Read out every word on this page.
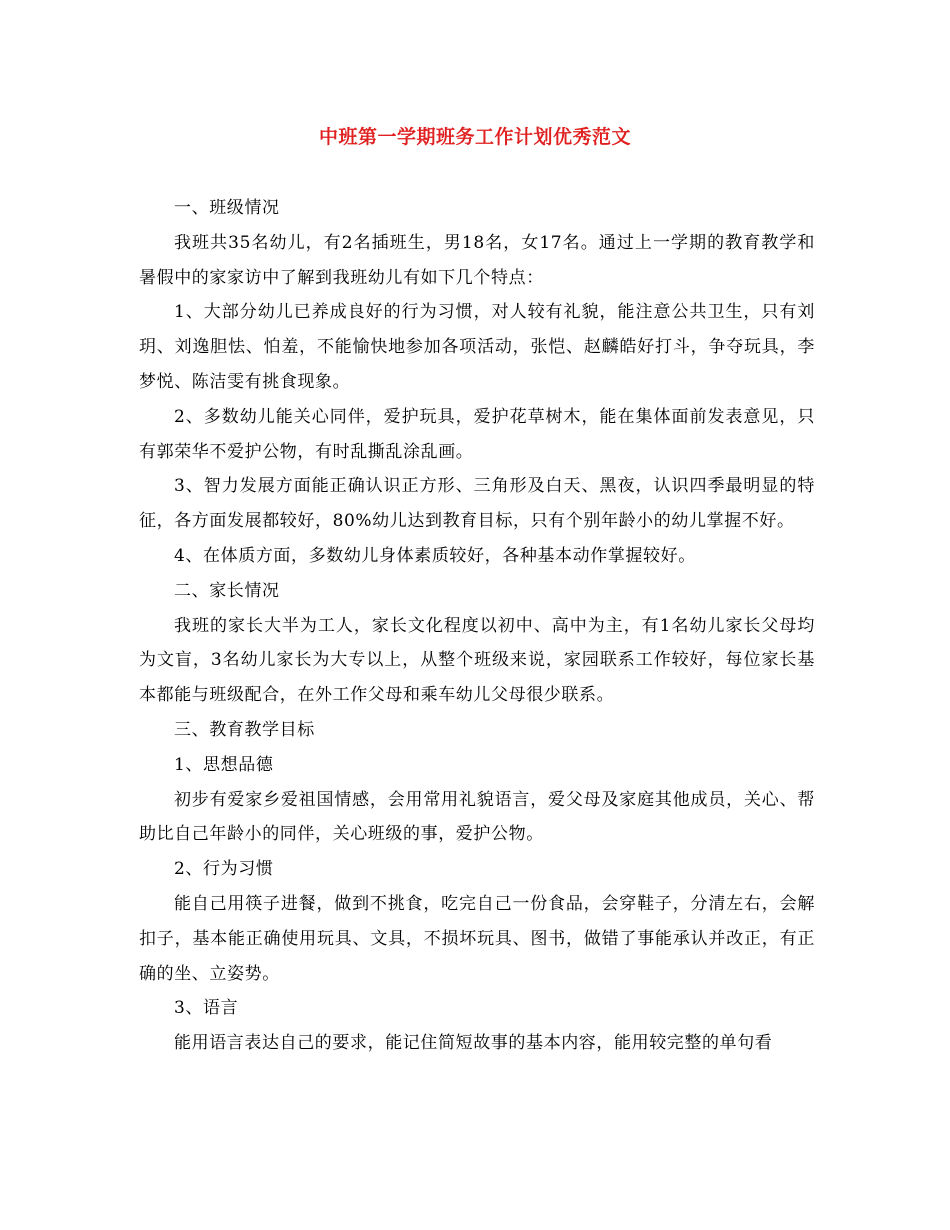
中班第一学期班务工作计划优秀范文

一、班级情况

我班共35名幼儿，有2名插班生，男18名，女17名。通过上一学期的教育教学和暑假中的家家访中了解到我班幼儿有如下几个特点：

1、大部分幼儿已养成良好的行为习惯，对人较有礼貌，能注意公共卫生，只有刘玥、刘逸胆怯、怕羞，不能愉快地参加各项活动，张恺、赵麟皓好打斗，争夺玩具，李梦悦、陈洁雯有挑食现象。

2、多数幼儿能关心同伴，爱护玩具，爱护花草树木，能在集体面前发表意见，只有郭荣华不爱护公物，有时乱撕乱涂乱画。

3、智力发展方面能正确认识正方形、三角形及白天、黑夜，认识四季最明显的特征，各方面发展都较好，80%幼儿达到教育目标，只有个别年龄小的幼儿掌握不好。

4、在体质方面，多数幼儿身体素质较好，各种基本动作掌握较好。

二、家长情况

我班的家长大半为工人，家长文化程度以初中、高中为主，有1名幼儿家长父母均为文盲，3名幼儿家长为大专以上，从整个班级来说，家园联系工作较好，每位家长基本都能与班级配合，在外工作父母和乘车幼儿父母很少联系。

三、教育教学目标

1、思想品德

初步有爱家乡爱祖国情感，会用常用礼貌语言，爱父母及家庭其他成员，关心、帮助比自己年龄小的同伴，关心班级的事，爱护公物。

2、行为习惯

能自己用筷子进餐，做到不挑食，吃完自己一份食品，会穿鞋子，分清左右，会解扣子，基本能正确使用玩具、文具，不损坏玩具、图书，做错了事能承认并改正，有正确的坐、立姿势。

3、语言

能用语言表达自己的要求，能记住简短故事的基本内容，能用较完整的单句看
